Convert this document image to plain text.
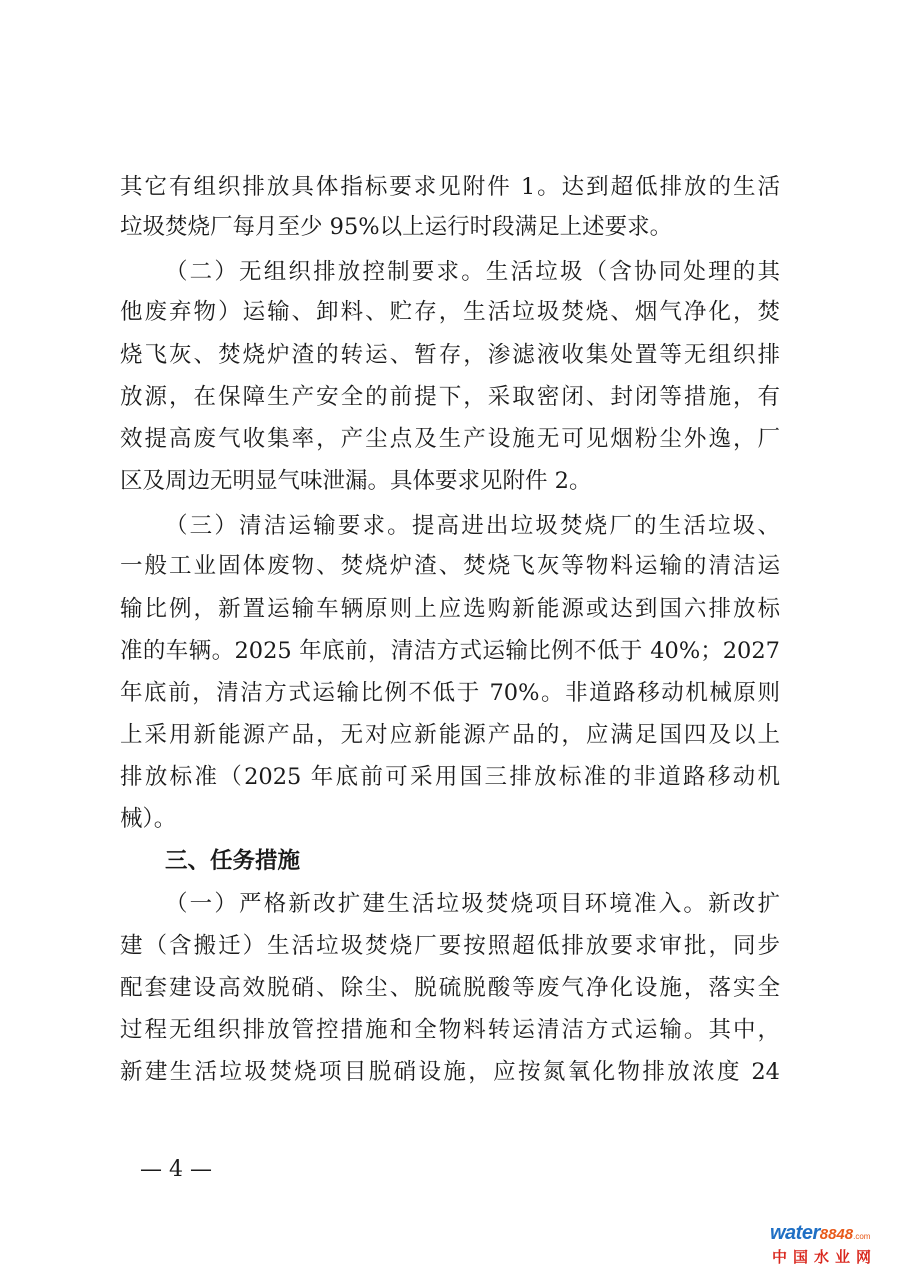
其它有组织排放具体指标要求见附件 1。达到超低排放的生活
垃圾焚烧厂每月至少 95%以上运行时段满足上述要求。
（二）无组织排放控制要求。生活垃圾（含协同处理的其
他废弃物）运输、卸料、贮存，生活垃圾焚烧、烟气净化，焚
烧飞灰、焚烧炉渣的转运、暂存，渗滤液收集处置等无组织排
放源，在保障生产安全的前提下，采取密闭、封闭等措施，有
效提高废气收集率，产尘点及生产设施无可见烟粉尘外逸，厂
区及周边无明显气味泄漏。具体要求见附件 2。
（三）清洁运输要求。提高进出垃圾焚烧厂的生活垃圾、
一般工业固体废物、焚烧炉渣、焚烧飞灰等物料运输的清洁运
输比例，新置运输车辆原则上应选购新能源或达到国六排放标
准的车辆。2025 年底前，清洁方式运输比例不低于 40%；2027
年底前，清洁方式运输比例不低于 70%。非道路移动机械原则
上采用新能源产品，无对应新能源产品的，应满足国四及以上
排放标准（2025 年底前可采用国三排放标准的非道路移动机
械）。
三、任务措施
（一）严格新改扩建生活垃圾焚烧项目环境准入。新改扩
建（含搬迁）生活垃圾焚烧厂要按照超低排放要求审批，同步
配套建设高效脱硝、除尘、脱硫脱酸等废气净化设施，落实全
过程无组织排放管控措施和全物料转运清洁方式运输。其中，
新建生活垃圾焚烧项目脱硝设施，应按氮氧化物排放浓度 24
— 4 —
water8848.com
中国水业网
